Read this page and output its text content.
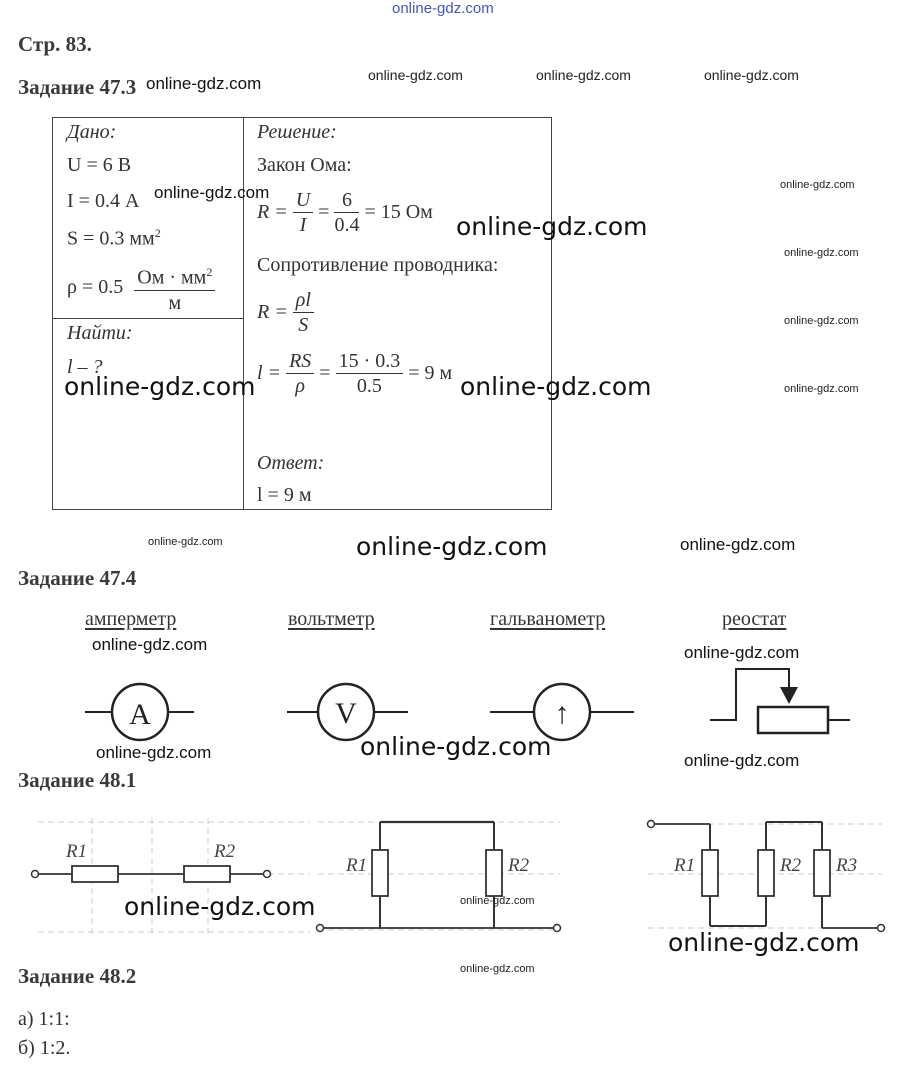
online-gdz.com
Стр. 83.
Задание 47.3
Дано:
U = 6 В
I = 0.4 А
S = 0.3 $мм^2$
$\rho = 0.5 \frac{Ом \cdot мм^2}{м}$
Найти:
l – ?
Решение:
Закон Ома:
$R = \frac{U}{I} = \frac{6}{0.4} = 15$ Ом
Сопротивление проводника:
$R = \frac{\rho l}{S}$
$l = \frac{RS}{\rho} = \frac{15 \cdot 0.3}{0.5} = 9$ м
Ответ:
l = 9 м
Задание 47.4
амперметр	вольтметр	гальванометр	реостат
A	V	↑
Задание 48.1
R1	R2
R1	R2	R1	R2 R3
Задание 48.2
а) 1:1:
б) 1:2.
online-gdz.com	online-gdz.com	online-gdz.com	online-gdz.com
online-gdz.com	online-gdz.com
online-gdz.com
online-gdz.com
online-gdz.com
online-gdz.com	online-gdz.com	online-gdz.com
online-gdz.com	online-gdz.com	online-gdz.com
online-gdz.com	online-gdz.com
online-gdz.com	online-gdz.com	online-gdz.com
online-gdz.com	online-gdz.com
online-gdz.com
online-gdz.com
